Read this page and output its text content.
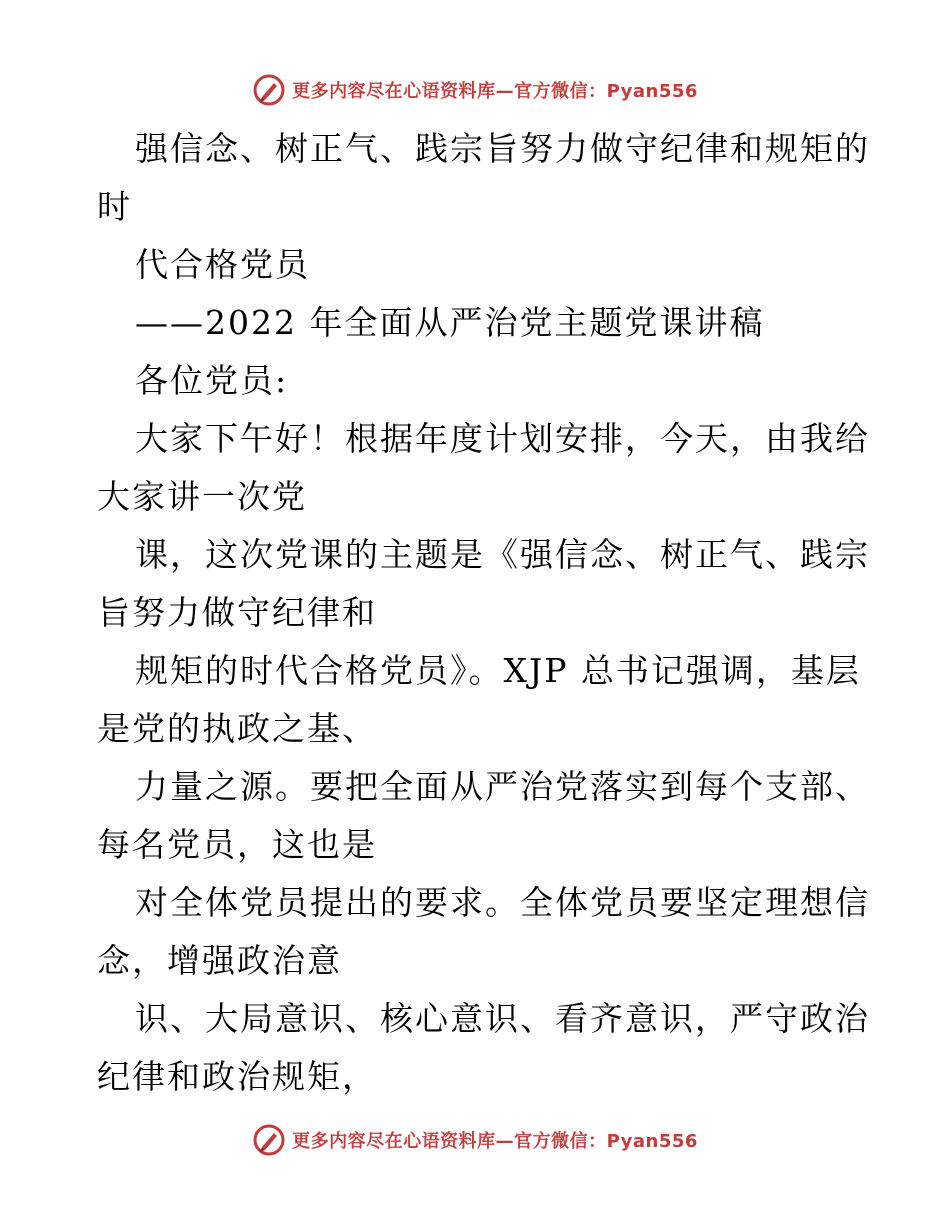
更多内容尽在心语资料库—官方微信：Pyan556
强信念、树正气、践宗旨努力做守纪律和规矩的
时
代合格党员
——2022 年全面从严治党主题党课讲稿
各位党员:
大家下午好！根据年度计划安排，今天，由我给
大家讲一次党
课，这次党课的主题是《强信念、树正气、践宗
旨努力做守纪律和
规矩的时代合格党员》。XJP 总书记强调，基层
是党的执政之基、
力量之源。要把全面从严治党落实到每个支部、
每名党员，这也是
对全体党员提出的要求。全体党员要坚定理想信
念，增强政治意
识、大局意识、核心意识、看齐意识，严守政治
纪律和政治规矩，
更多内容尽在心语资料库—官方微信：Pyan556
